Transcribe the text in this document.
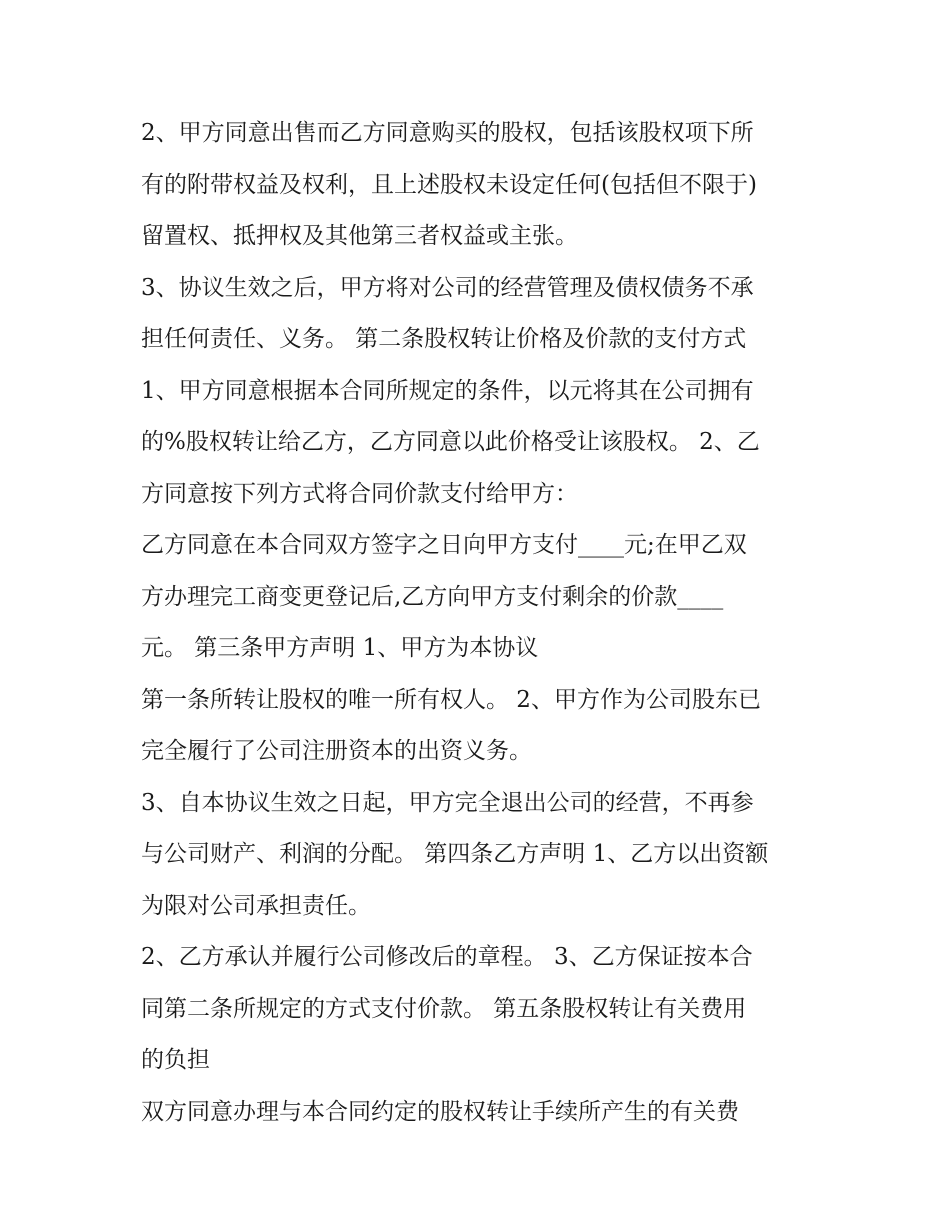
2、甲方同意出售而乙方同意购买的股权，包括该股权项下所
有的附带权益及权利，且上述股权未设定任何(包括但不限于)
留置权、抵押权及其他第三者权益或主张。
3、协议生效之后，甲方将对公司的经营管理及债权债务不承
担任何责任、义务。 第二条股权转让价格及价款的支付方式
1、甲方同意根据本合同所规定的条件，以元将其在公司拥有
的%股权转让给乙方，乙方同意以此价格受让该股权。 2、乙
方同意按下列方式将合同价款支付给甲方：
乙方同意在本合同双方签字之日向甲方支付____元;在甲乙双
方办理完工商变更登记后,乙方向甲方支付剩余的价款____
元。 第三条甲方声明 1、甲方为本协议
第一条所转让股权的唯一所有权人。 2、甲方作为公司股东已
完全履行了公司注册资本的出资义务。
3、自本协议生效之日起，甲方完全退出公司的经营，不再参
与公司财产、利润的分配。 第四条乙方声明 1、乙方以出资额
为限对公司承担责任。
2、乙方承认并履行公司修改后的章程。 3、乙方保证按本合
同第二条所规定的方式支付价款。 第五条股权转让有关费用
的负担
双方同意办理与本合同约定的股权转让手续所产生的有关费
